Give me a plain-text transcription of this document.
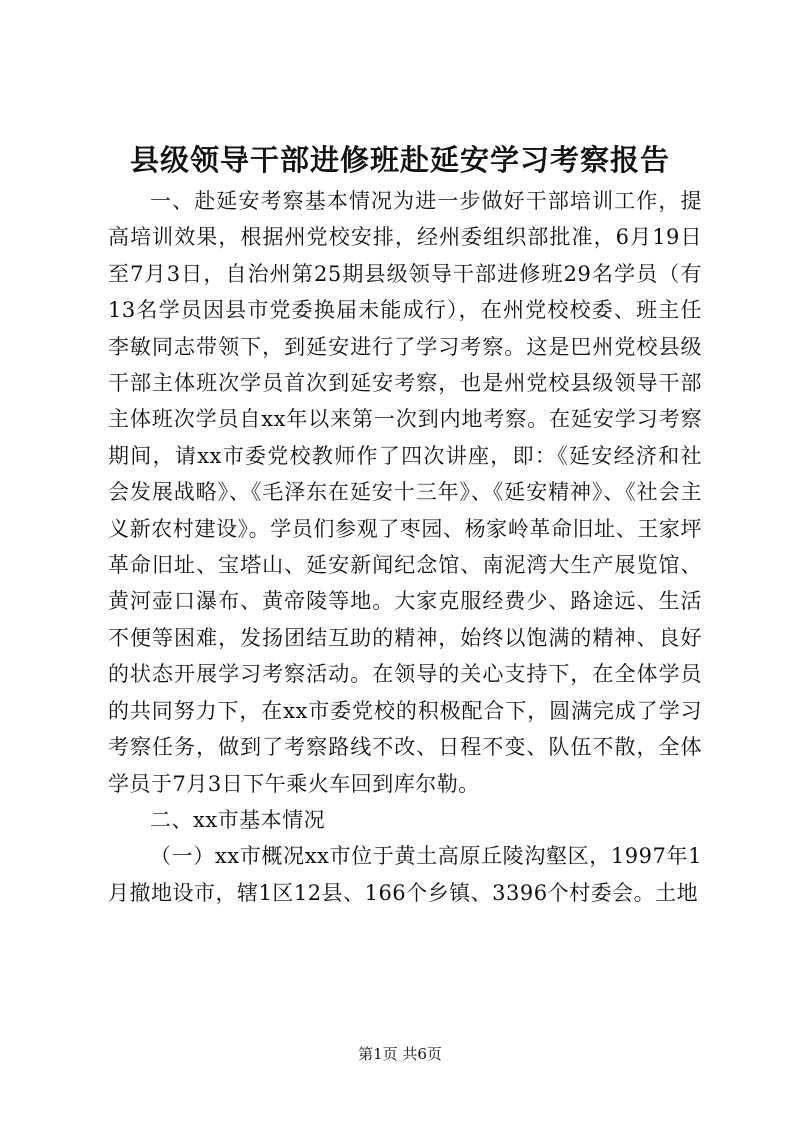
县级领导干部进修班赴延安学习考察报告

一、赴延安考察基本情况为进一步做好干部培训工作，提高培训效果，根据州党校安排，经州委组织部批准，6月19日至7月3日，自治州第25期县级领导干部进修班29名学员（有13名学员因县市党委换届未能成行），在州党校校委、班主任李敏同志带领下，到延安进行了学习考察。这是巴州党校县级干部主体班次学员首次到延安考察，也是州党校县级领导干部主体班次学员自xx年以来第一次到内地考察。在延安学习考察期间，请xx市委党校教师作了四次讲座，即：《延安经济和社会发展战略》、《毛泽东在延安十三年》、《延安精神》、《社会主义新农村建设》。学员们参观了枣园、杨家岭革命旧址、王家坪革命旧址、宝塔山、延安新闻纪念馆、南泥湾大生产展览馆、黄河壶口瀑布、黄帝陵等地。大家克服经费少、路途远、生活不便等困难，发扬团结互助的精神，始终以饱满的精神、良好的状态开展学习考察活动。在领导的关心支持下，在全体学员的共同努力下，在xx市委党校的积极配合下，圆满完成了学习考察任务，做到了考察路线不改、日程不变、队伍不散，全体学员于7月3日下午乘火车回到库尔勒。

二、xx市基本情况

（一）xx市概况xx市位于黄土高原丘陵沟壑区，1997年1月撤地设市，辖1区12县、166个乡镇、3396个村委会。土地

第1页 共6页
